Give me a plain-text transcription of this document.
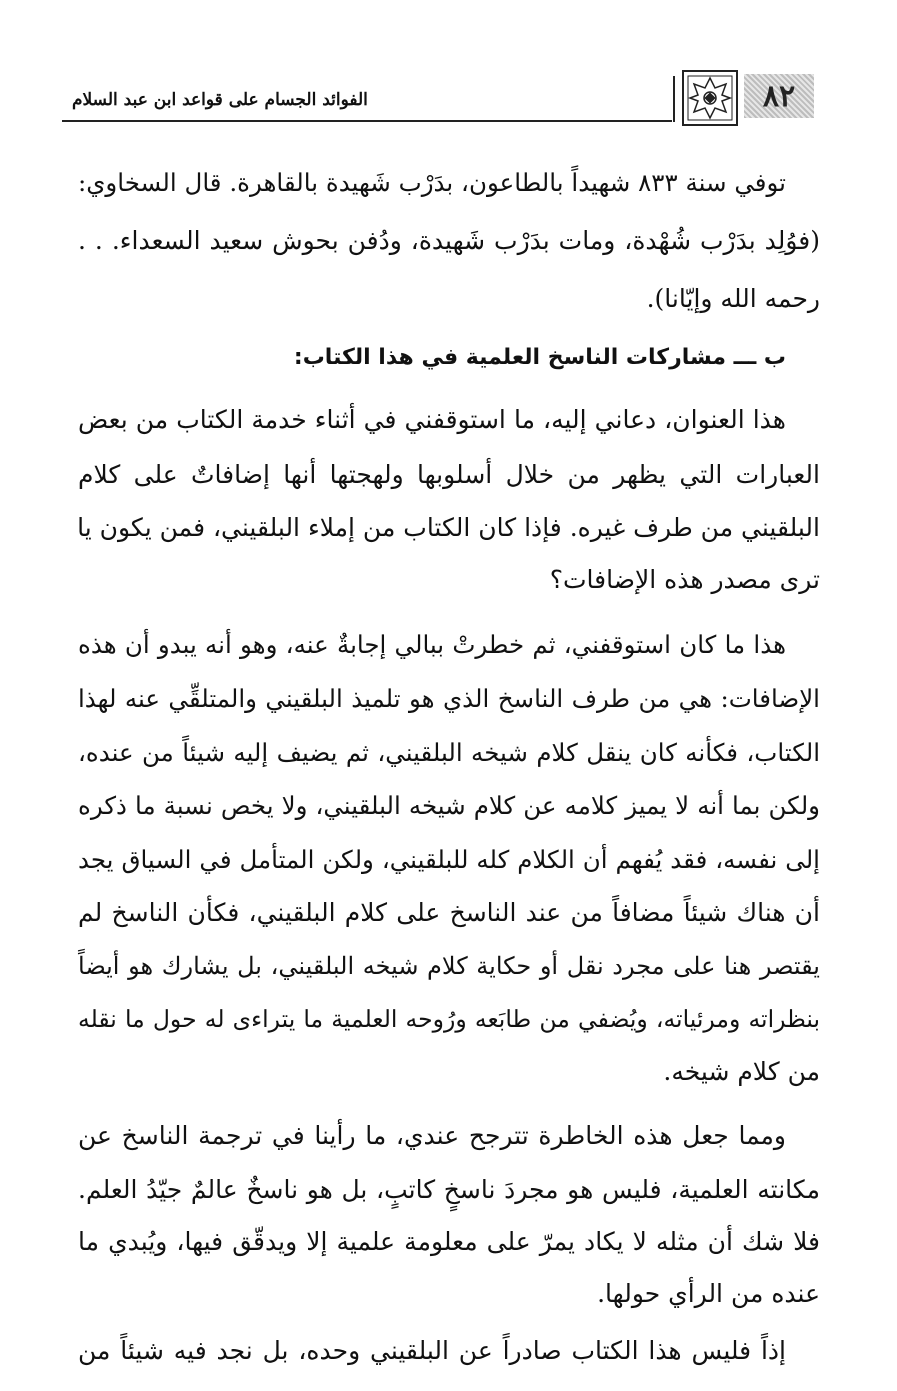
٨٢
الفوائد الجسام على قواعد ابن عبد السلام
توفي سنة ٨٣٣ شهيداً بالطاعون، بدَرْب شَهيدة بالقاهرة. قال السخاوي:
(فوُلِد بدَرْب شُهْدة، ومات بدَرْب شَهيدة، ودُفن بحوش سعيد السعداء. . .
رحمه الله وإيّانا).
ب ـــ مشاركات الناسخ العلمية في هذا الكتاب:
هذا العنوان، دعاني إليه، ما استوقفني في أثناء خدمة الكتاب من بعض
العبارات التي يظهر من خلال أسلوبها ولهجتها أنها إضافاتٌ على كلام
البلقيني من طرف غيره. فإذا كان الكتاب من إملاء البلقيني، فمن يكون يا
ترى مصدر هذه الإضافات؟
هذا ما كان استوقفني، ثم خطرتْ ببالي إجابةٌ عنه، وهو أنه يبدو أن هذه
الإضافات: هي من طرف الناسخ الذي هو تلميذ البلقيني والمتلقِّي عنه لهذا
الكتاب، فكأنه كان ينقل كلام شيخه البلقيني، ثم يضيف إليه شيئاً من عنده،
ولكن بما أنه لا يميز كلامه عن كلام شيخه البلقيني، ولا يخص نسبة ما ذكره
إلى نفسه، فقد يُفهم أن الكلام كله للبلقيني، ولكن المتأمل في السياق يجد
أن هناك شيئاً مضافاً من عند الناسخ على كلام البلقيني، فكأن الناسخ لم
يقتصر هنا على مجرد نقل أو حكاية كلام شيخه البلقيني، بل يشارك هو أيضاً
بنظراته ومرئياته، ويُضفي من طابَعه ورُوحه العلمية ما يتراءى له حول ما نقله
من كلام شيخه.
ومما جعل هذه الخاطرة تترجح عندي، ما رأينا في ترجمة الناسخ عن
مكانته العلمية، فليس هو مجردَ ناسخٍ كاتبٍ، بل هو ناسخٌ عالمٌ جيّدُ العلم.
فلا شك أن مثله لا يكاد يمرّ على معلومة علمية إلا ويدقّق فيها، ويُبدي ما
عنده من الرأي حولها.
إذاً فليس هذا الكتاب صادراً عن البلقيني وحده، بل نجد فيه شيئاً من
